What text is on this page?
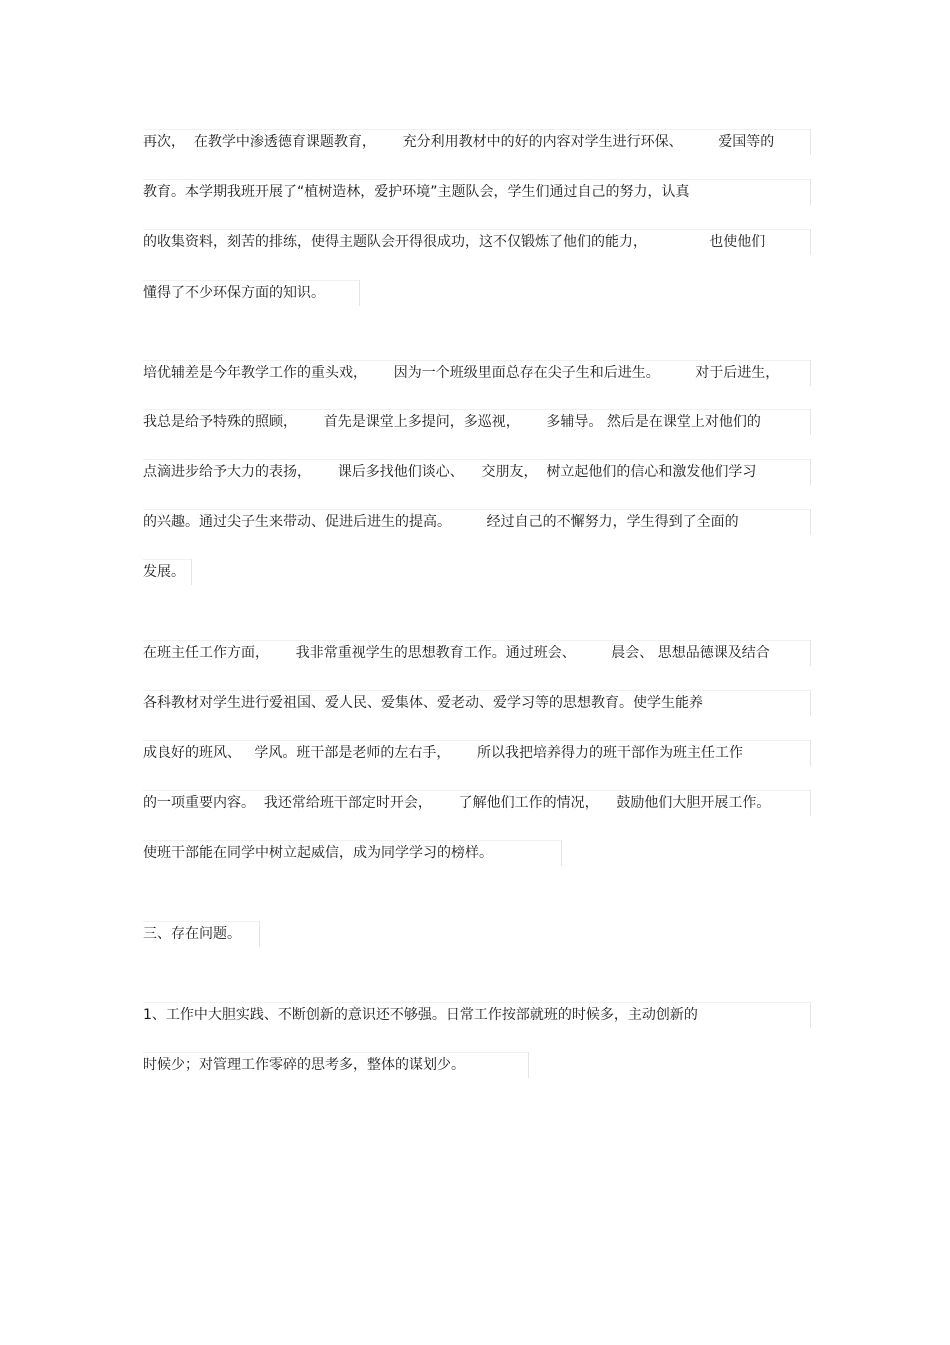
再次，  在教学中渗透德育课题教育，      充分利用教材中的好的内容对学生进行环保、        爱国等的
教育。本学期我班开展了“植树造林，爱护环境”主题队会，学生们通过自己的努力，认真
的收集资料，刻苦的排练，使得主题队会开得很成功，这不仅锻炼了他们的能力，              也使他们
懂得了不少环保方面的知识。
培优辅差是今年教学工作的重头戏，      因为一个班级里面总存在尖子生和后进生。        对于后进生，
我总是给予特殊的照顾，      首先是课堂上多提问，多巡视，      多辅导。 然后是在课堂上对他们的
点滴进步给予大力的表扬，      课后多找他们谈心、    交朋友，  树立起他们的信心和激发他们学习
的兴趣。通过尖子生来带动、促进后进生的提高。        经过自己的不懈努力，学生得到了全面的
发展。
在班主任工作方面，      我非常重视学生的思想教育工作。通过班会、        晨会、 思想品德课及结合
各科教材对学生进行爱祖国、爱人民、爱集体、爱老动、爱学习等的思想教育。使学生能养
成良好的班风、   学风。班干部是老师的左右手，      所以我把培养得力的班干部作为班主任工作
的一项重要内容。  我还常给班干部定时开会，      了解他们工作的情况，    鼓励他们大胆开展工作。
使班干部能在同学中树立起威信，成为同学学习的榜样。
三、存在问题。
1、工作中大胆实践、不断创新的意识还不够强。日常工作按部就班的时候多，主动创新的
时候少；对管理工作零碎的思考多，整体的谋划少。
